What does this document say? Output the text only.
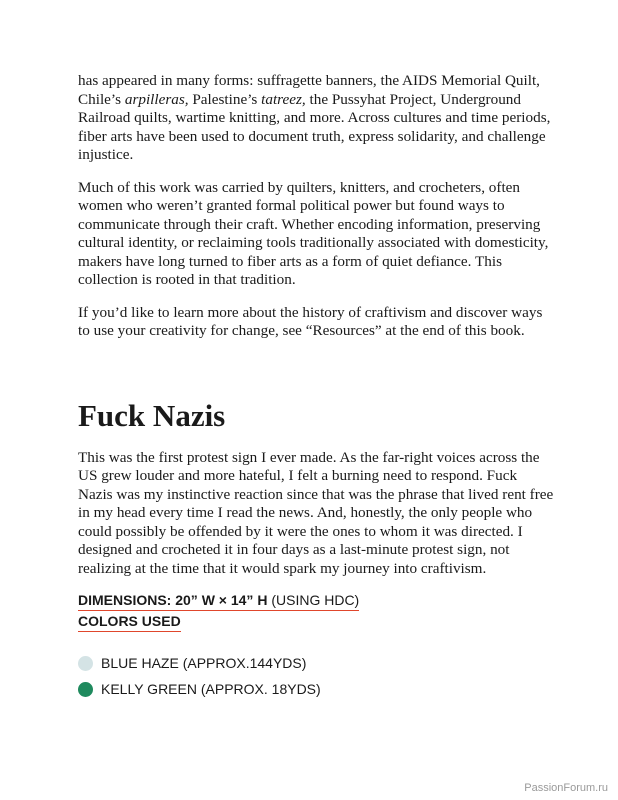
has appeared in many forms: suffragette banners, the AIDS Memorial Quilt, Chile’s arpilleras, Palestine’s tatreez, the Pussyhat Project, Underground Railroad quilts, wartime knitting, and more. Across cultures and time periods, fiber arts have been used to document truth, express solidarity, and challenge injustice.

Much of this work was carried by quilters, knitters, and crocheters, often women who weren’t granted formal political power but found ways to communicate through their craft. Whether encoding information, preserving cultural identity, or reclaiming tools traditionally associated with domesticity, makers have long turned to fiber arts as a form of quiet defiance. This collection is rooted in that tradition.

If you’d like to learn more about the history of craftivism and discover ways to use your creativity for change, see “Resources” at the end of this book.

Fuck Nazis

This was the first protest sign I ever made. As the far-right voices across the US grew louder and more hateful, I felt a burning need to respond. Fuck Nazis was my instinctive reaction since that was the phrase that lived rent free in my head every time I read the news. And, honestly, the only people who could possibly be offended by it were the ones to whom it was directed. I designed and crocheted it in four days as a last-minute protest sign, not realizing at the time that it would spark my journey into craftivism.

DIMENSIONS: 20” W × 14” H (USING HDC)
COLORS USED
BLUE HAZE (APPROX.144YDS)
KELLY GREEN (APPROX. 18YDS)
PassionForum.ru
